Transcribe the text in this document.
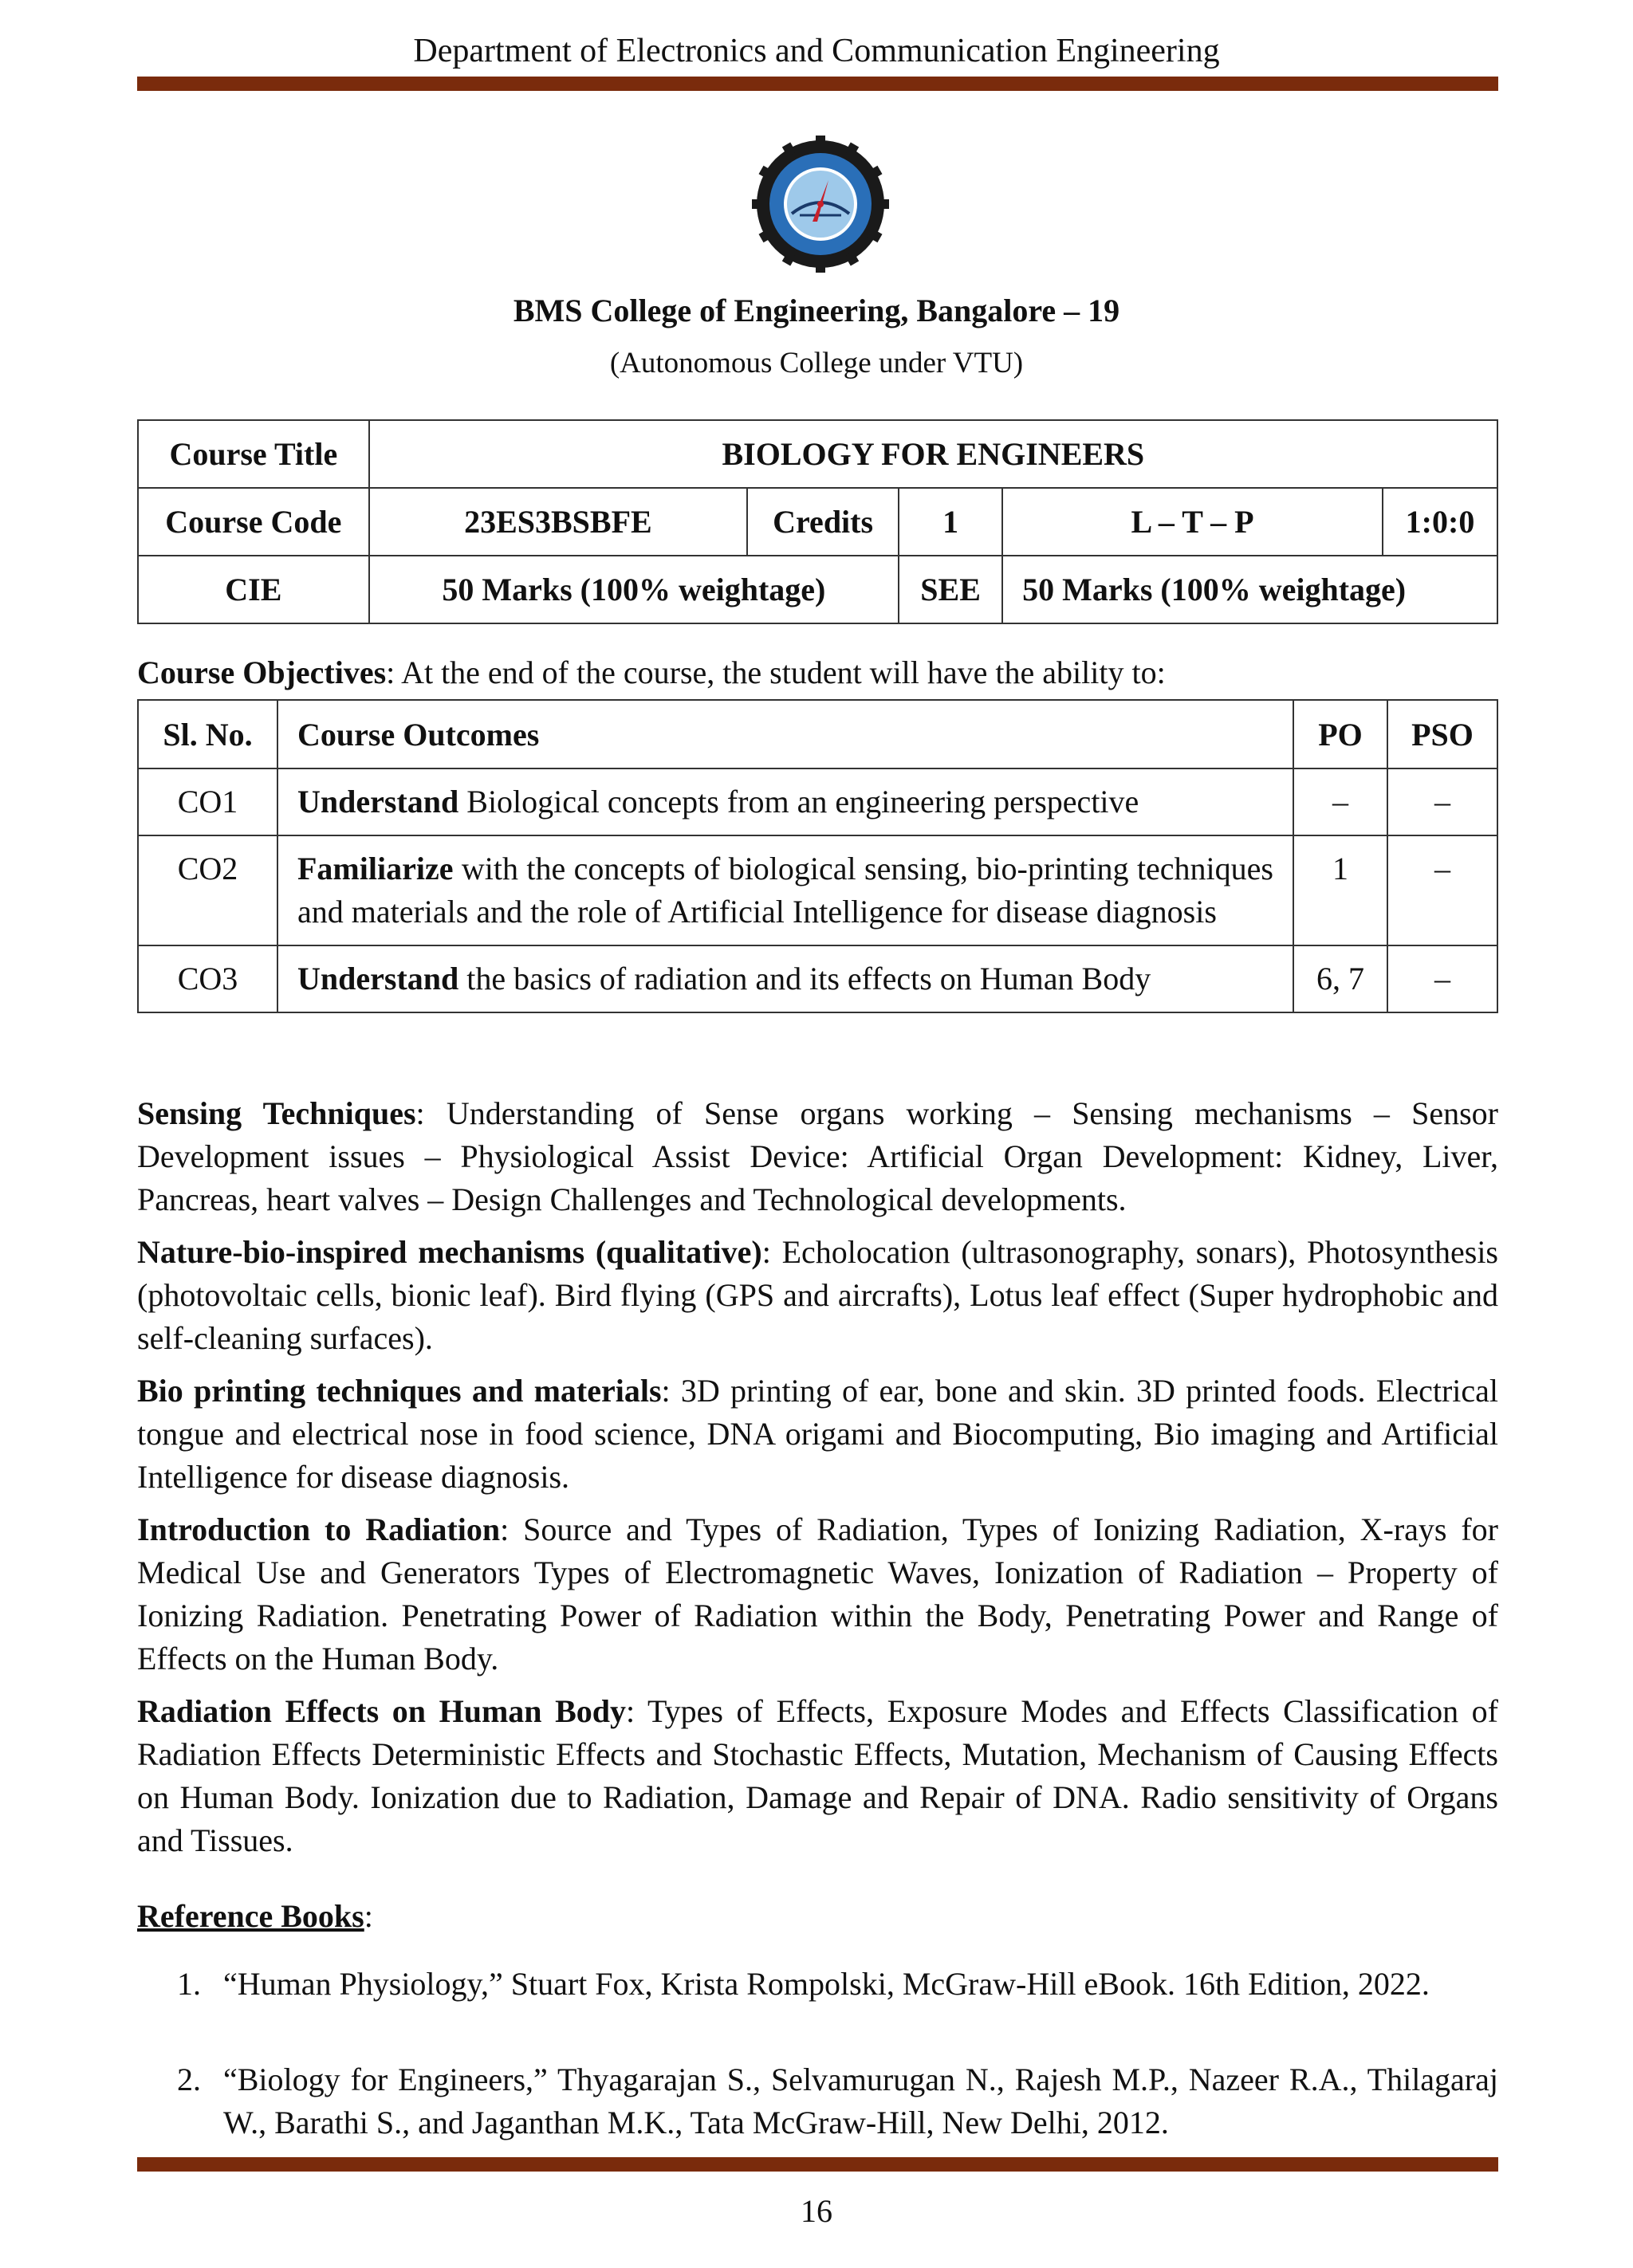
Department of Electronics and Communication Engineering
BMS College of Engineering, Bangalore – 19
(Autonomous College under VTU)
Course Title	BIOLOGY FOR ENGINEERS				
Course Code	23ES3BSBFE	Credits	1	L – T – P	1:0:0
CIE	50 Marks (100% weightage)		SEE	50 Marks (100% weightage)	
Course Objectives: At the end of the course, the student will have the ability to:
Sl. No.	Course Outcomes	PO	PSO
CO1	Understand Biological concepts from an engineering perspective	–	–
CO2	Familiarize with the concepts of biological sensing, bio-printing techniques and materials and the role of Artificial Intelligence for disease diagnosis	1	–
CO3	Understand the basics of radiation and its effects on Human Body	6, 7	–
Sensing Techniques: Understanding of Sense organs working – Sensing mechanisms – Sensor Development issues – Physiological Assist Device: Artificial Organ Development: Kidney, Liver, Pancreas, heart valves – Design Challenges and Technological developments.
Nature-bio-inspired mechanisms (qualitative): Echolocation (ultrasonography, sonars), Photosynthesis (photovoltaic cells, bionic leaf). Bird flying (GPS and aircrafts), Lotus leaf effect (Super hydrophobic and self-cleaning surfaces).
Bio printing techniques and materials: 3D printing of ear, bone and skin. 3D printed foods. Electrical tongue and electrical nose in food science, DNA origami and Biocomputing, Bio imaging and Artificial Intelligence for disease diagnosis.
Introduction to Radiation: Source and Types of Radiation, Types of Ionizing Radiation, X-rays for Medical Use and Generators Types of Electromagnetic Waves, Ionization of Radiation – Property of Ionizing Radiation. Penetrating Power of Radiation within the Body, Penetrating Power and Range of Effects on the Human Body.
Radiation Effects on Human Body: Types of Effects, Exposure Modes and Effects Classification of Radiation Effects Deterministic Effects and Stochastic Effects, Mutation, Mechanism of Causing Effects on Human Body. Ionization due to Radiation, Damage and Repair of DNA. Radio sensitivity of Organs and Tissues.
Reference Books:
1. “Human Physiology,” Stuart Fox, Krista Rompolski, McGraw-Hill eBook. 16th Edition, 2022.
2. “Biology for Engineers,” Thyagarajan S., Selvamurugan N., Rajesh M.P., Nazeer R.A., Thilagaraj W., Barathi S., and Jaganthan M.K., Tata McGraw-Hill, New Delhi, 2012.
16
